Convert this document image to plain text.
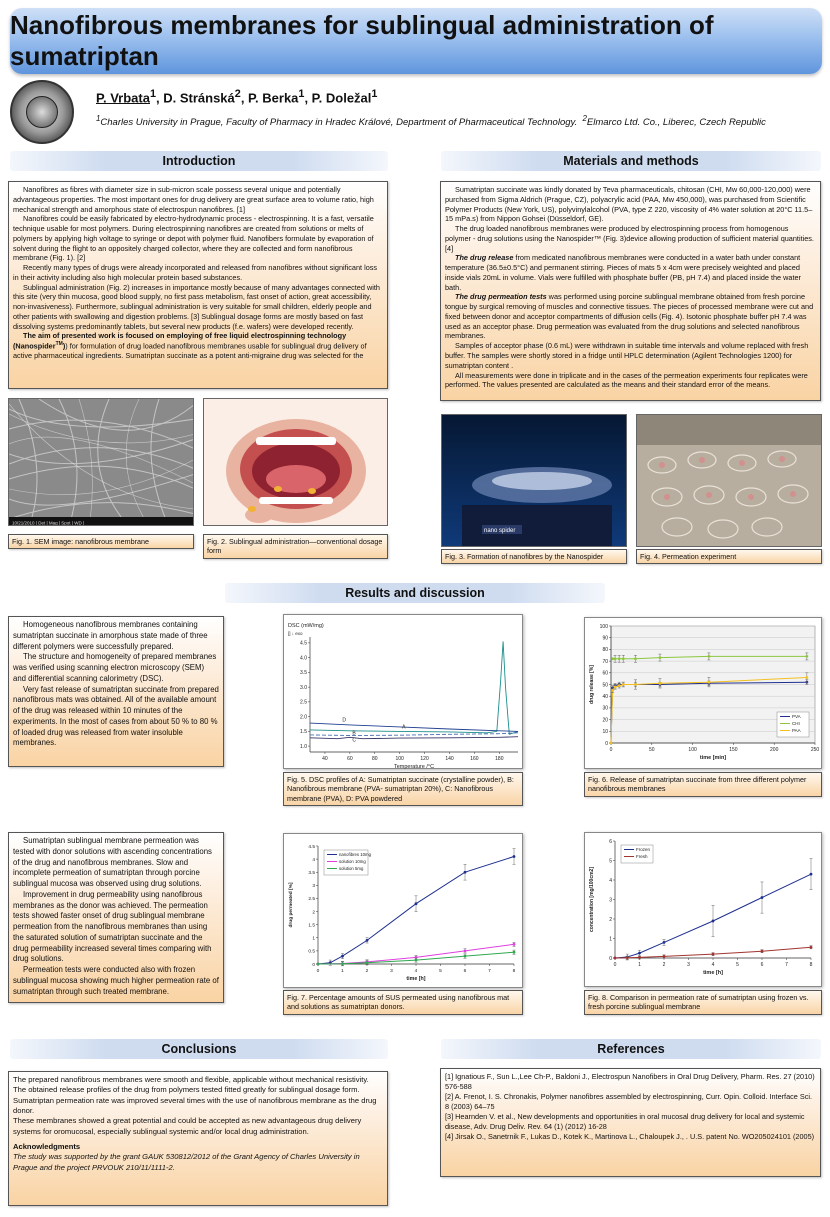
Nanofibrous membranes for sublingual administration of sumatriptan
P. Vrbata$^1$, D. Stránská$^2$, P. Berka$^1$, P. Doležal$^1$
$^1$Charles University in Prague, Faculty of Pharmacy in Hradec Králové, Department of Pharmaceutical Technology. $^2$Elmarco Ltd. Co., Liberec, Czech Republic
Introduction	Materials and methods
Results and discussion
Conclusions	References

Nanofibres as fibres with diameter size in sub-micron scale possess several unique and potentially advantageous properties. The most important ones for drug delivery are great surface area to volume ratio, high mechanical strength and amorphous state of electrospun nanofibres. [1]

Nanofibres could be easily fabricated by electro-hydrodynamic process - electrospinning. It is a fast, versatile technique usable for most polymers. During electrospinning nanofibres are created from solutions or melts of polymers by applying high voltage to syringe or depot with polymer fluid. Nanofibers formulate by evaporation of solvent during the flight to an oppositely charged collector, where they are collected and form nanofibrous membrane (Fig. 1). [2]

Recently many types of drugs were already incorporated and released from nanofibres without significant loss in their activity including also high molecular protein based substances.

Sublingual administration (Fig. 2) increases in importance mostly because of many advantages connected with this site (very thin mucosa, good blood supply, no first pass metabolism, fast onset of action, great accessibility, non-invasiveness). Furthermore, sublingual administration is very suitable for small children, elderly people and other patients with swallowing and digestion problems. [3] Sublingual dosage forms are mostly based on fast dissolving systems predominantly tablets, but several new products (f.e. wafers) were developed recently.

The aim of presented work is focused on employing of free liquid electrospinning technology (Nanospider™)) for formulation of drug loaded nanofibrous membranes usable for sublingual drug delivery of active pharmaceutical ingredients. Sumatriptan succinate as a potent anti-migraine drug was selected for the

Sumatriptan succinate was kindly donated by Teva pharmaceuticals, chitosan (CHI, Mw 60,000-120,000) were purchased from Sigma Aldrich (Prague, CZ), polyacrylic acid (PAA, Mw 450,000), was purchased from Scientific Polymer Products (New York, US), polyvinylalcohol (PVA, type Z 220, viscosity of 4% water solution at 20°C 11.5–15 mPa.s) from Nippon Gohsei (Düsseldorf, GE).

The drug loaded nanofibrous membranes were produced by electrospinning process from homogenous polymer - drug solutions using the Nanospider™ (Fig. 3)device allowing production of sufficient material quantities.[4]

The drug release from medicated nanofibrous membranes were conducted in a water bath under constant temperature (36.5±0.5°C) and permanent stirring. Pieces of mats 5 x 4cm were precisely weighted and placed inside vials 20mL in volume. Vials were fulfilled with phosphate buffer (PB, pH 7.4) and placed inside the water bath.

The drug permeation tests was performed using porcine sublingual membrane obtained from fresh porcine tongue by surgical removing of muscles and connective tissues. The pieces of processed membrane were cut and fixed between donor and acceptor compartments of diffusion cells (Fig. 4). Isotonic phosphate buffer pH 7.4 was used as an acceptor phase. Drug permeation was evaluated from the drug solutions and selected nanofibrous membranes.

Samples of acceptor phase (0.6 mL) were withdrawn in suitable time intervals and volume replaced with fresh buffer. The samples were shortly stored in a fridge until HPLC determination (Agilent Technologies 1200) for sumatriptan content .

All measurements were done in triplicate and in the cases of the permeation experiments four replicates were performed. The values presented are calculated as the means and their standard error of the means.

10/21/2010 | Det | Mag | Spot | WD |
nano spider
Fig. 1. SEM image: nanofibrous membrane	Fig. 2. Sublingual administration—conventional dosage form
Fig. 3. Formation of nanofibres by the Nanospider	Fig. 4. Permeation experiment

Homogeneous nanofibrous membranes containing sumatriptan succinate in amorphous state made of three different polymers were successfully prepared.

The structure and homogeneity of prepared membranes was verified using scanning electron microscopy (SEM) and differential scanning calorimetry (DSC).

Very fast release of sumatriptan succinate from prepared nanofibrous mats was obtained. All of the available amount of the drug was released within 10 minutes of the experiments. In the most of cases from about 50 % to 80 % of loaded drug was released from water insoluble membranes.

Sumatriptan sublingual membrane permeation was tested with donor solutions with ascending concentrations of the drug and nanofibrous membranes. Slow and incomplete permeation of sumatriptan through porcine sublingual mucosa was observed using drug solutions.

Improvement in drug permeability using nanofibrous membranes as the donor was achieved. The permeation tests showed faster onset of drug sublingual membrane permeation from the nanofibrous membranes than using the saturated solution of sumatriptan succinate and the drug permeability increased several times comparing with drug solutions.

Permeation tests were conducted also with frozen sublingual mucosa showing much higher permeation rate of sumatriptan through such treated membrane.

40	60	80	100	120	140	160	180
1.0
1.5
2.0
2.5
3.0
3.5
4.0
4.5
Temperature /°C
DSC (mW/mg)
[] ↓ exo
D
A
B
C
0	50	100	150	200	250
0
10
20
30
40
50
60
70
80
90
100
time [min]
drug release [%]
PVA
CHI
PAA
0	1	2	3	4	5	6	7	8
0
0.5
1
1.5
2
2.5
3
3.5
4
4.5
time [h]
drug permeated [%]
nanofibres 10mg
solution 10mg
solution 5mg
0	1	2	3	4	5	6	7	8
0
1
2
3
4
5
6
time [h]
concentration [mg/100cm2]
Frozen
Fresh
Fig. 5. DSC profiles of A: Sumatriptan succinate (crystalline powder), B: Nanofibrous membrane (PVA- sumatriptan 20%), C: Nanofibrous membrane (PVA), D: PVA powdered
Fig. 6. Release of sumatriptan succinate from three different polymer nanofibrous membranes
Fig. 7. Percentage amounts of SUS permeated using nanofibrous mat and solutions as sumatriptan donors.
Fig. 8. Comparison in permeation rate of sumatriptan using frozen vs. fresh porcine sublingual membrane

The prepared nanofibrous membranes were smooth and flexible, applicable without mechanical resistivity. The obtained release profiles of the drug from polymers tested fitted greatly for sublingual dosage form.

Sumatriptan permeation rate was improved several times with the use of nanofibrous membrane as the drug donor.

These membranes showed a great potential and could be accepted as new advantageous drug delivery systems for oromucosal, especially sublingual systemic and/or local drug administration.

Acknowledgments

The study was supported by the grant GAUK 530812/2012 of the Grant Agency of Charles University in Prague and the project PRVOUK 210/11/1111-2.

[1] Ignatious F., Sun L.,Lee Ch-P., Baldoni J., Electrospun Nanofibers in Oral Drug Delivery, Pharm. Res. 27 (2010) 576-588

[2] A. Frenot, I. S. Chronakis, Polymer nanofibres assembled by electrospinning, Curr. Opin. Colloid. Interface Sci. 8 (2003) 64–75

[3] Hearnden V. et al., New developments and opportunities in oral mucosal drug delivery for local and systemic disease, Adv. Drug Deliv. Rev. 64 (1) (2012) 16-28

[4] Jirsak O., Sanetrnik F., Lukas D., Kotek K., Martinova L., Chaloupek J., . U.S. patent No. WO205024101 (2005)
